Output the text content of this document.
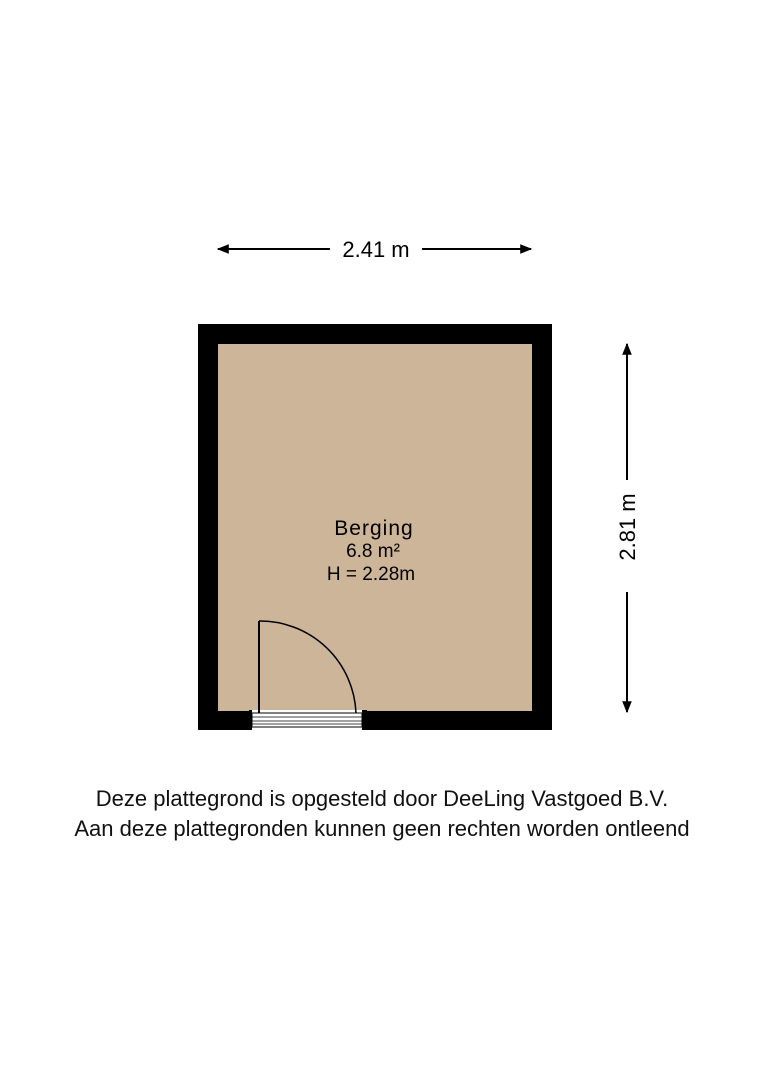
2.41 m
2.81 m
Berging
6.8 m²
H = 2.28m
Deze plattegrond is opgesteld door DeeLing Vastgoed B.V.
Aan deze plattegronden kunnen geen rechten worden ontleend
